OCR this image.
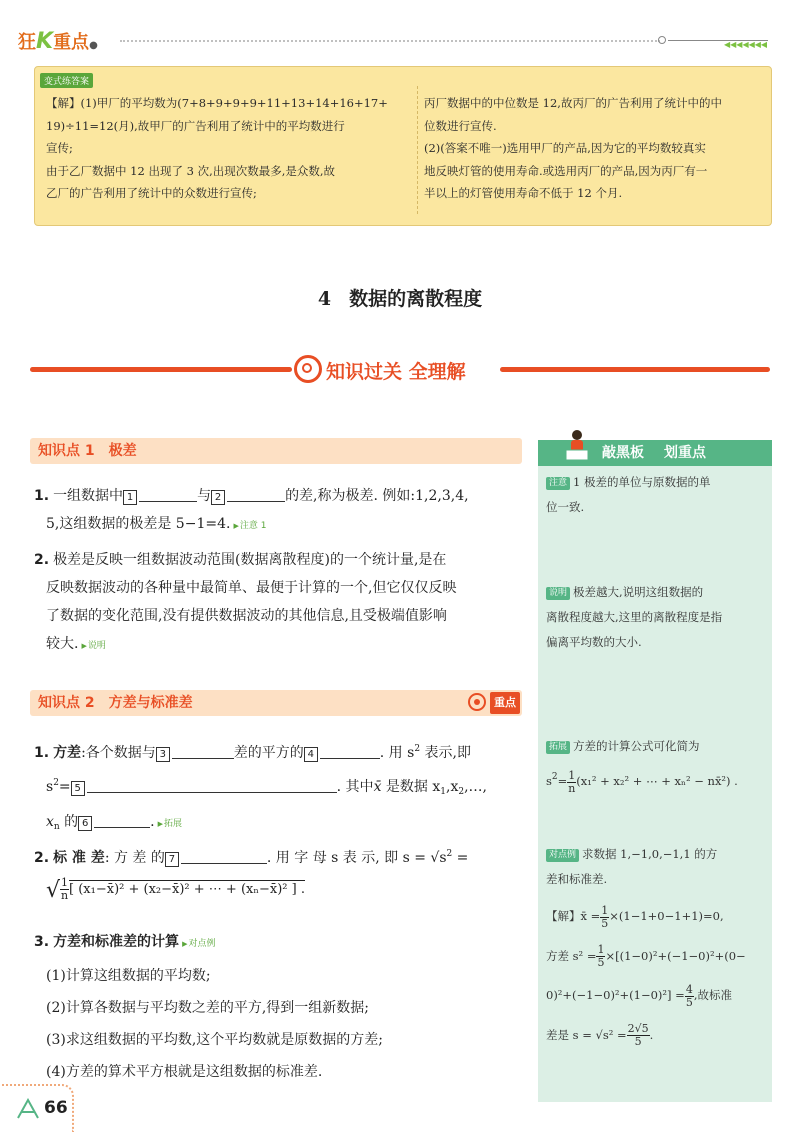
狂K重点●	◀◀◀◀◀◀◀
变式练答案
【解】(1)甲厂的平均数为(7+8+9+9+9+11+13+14+16+17+
19)÷11=12(月),故甲厂的广告利用了统计中的平均数进行
宣传;
由于乙厂数据中 12 出现了 3 次,出现次数最多,是众数,故
乙厂的广告利用了统计中的众数进行宣传;
丙厂数据中的中位数是 12,故丙厂的广告利用了统计中的中
位数进行宣传.
(2)(答案不唯一)选用甲厂的产品,因为它的平均数较真实
地反映灯管的使用寿命.或选用丙厂的产品,因为丙厂有一
半以上的灯管使用寿命不低于 12 个月.
4 数据的离散程度
知识过关 全理解
知识点 1 极差
1. 一组数据中 1	与 2	的差,称为极差. 例如:1,2,3,4,
5,这组数据的极差是 5−1=4. ▶ 注意 1
2. 极差是反映一组数据波动范围(数据离散程度)的一个统计量,是在
反映数据波动的各种量中最简单、最便于计算的一个,但它仅仅反映
了数据的变化范围,没有提供数据波动的其他信息,且受极端值影响
较大. ▶ 说明
知识点 2 方差与标准差	重点
1. 方差:各个数据与 3	差的平方的 4	. 用 $s^2$ 表示,即
$s^2= 5$	. 其中x̄ 是数据 $x_1,x_2,\dots$,
$x_n$ 的 6	. ▶ 拓展
2. 标 准 差: 方 差 的 7	. 用 字 母 s 表 示, 即 $s = √s^2$ =
√ $\frac{1}{n}$ [ (x₁−x̄)² + (x₂−x̄)² + ⋯ + (xₙ−x̄)² ] .
3. 方差和标准差的计算 ▶ 对点例
(1)计算这组数据的平均数;
(2)计算各数据与平均数之差的平方,得到一组新数据;
(3)求这组数据的平均数,这个平均数就是原数据的方差;
(4)方差的算术平方根就是这组数据的标准差.
敲黑板 划重点
注意 1 极差的单位与原数据的单
位一致.
说明 极差越大,说明这组数据的
离散程度越大,这里的离散程度是指
偏离平均数的大小.
拓展 方差的计算公式可化简为
$s^2= \frac{1}{n} (x_1^2 + x_2^2$ + ⋯ + xₙ² − nx̄²) .
对点例 求数据 1,−1,0,−1,1 的方
差和标准差.
【解】x̄ = $\frac{1}{5} \times(1-1+0-1+1)=0$,
方差 $s^2 = \frac{1}{5} \times[(1-0)^2+(-1-0)^2+(0-$
$0)^2+(-1-0)^2+(1-0)^2] = \frac{4}{5}$ ,故标准
差是 $s = √s^2 = \frac{2√5}{5}$ .
66
